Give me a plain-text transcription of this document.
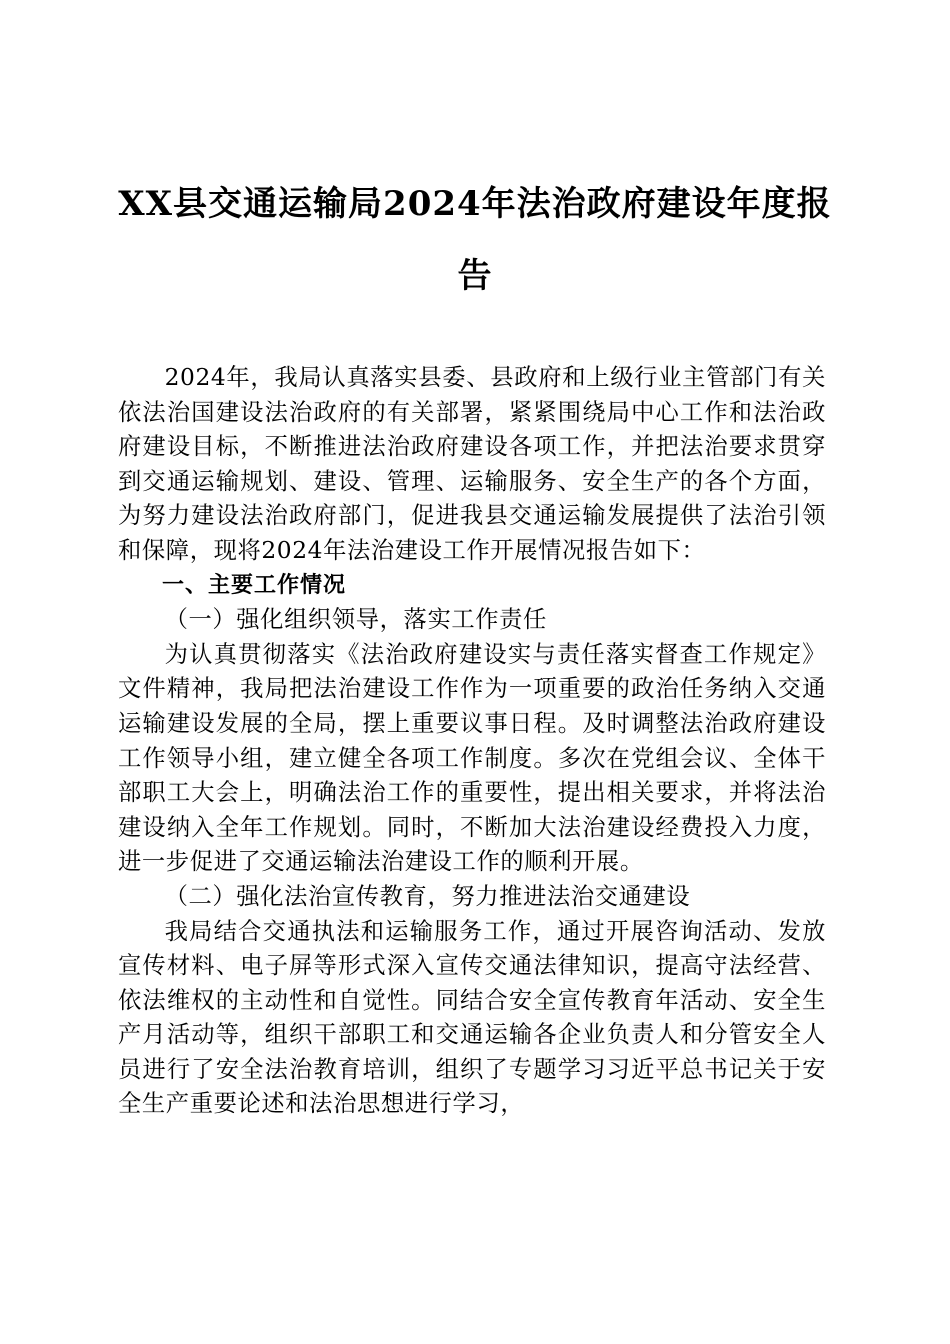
XX县交通运输局2024年法治政府建设年度报告

2024年，我局认真落实县委、县政府和上级行业主管部门有关依法治国建设法治政府的有关部署，紧紧围绕局中心工作和法治政府建设目标，不断推进法治政府建设各项工作，并把法治要求贯穿到交通运输规划、建设、管理、运输服务、安全生产的各个方面，为努力建设法治政府部门，促进我县交通运输发展提供了法治引领和保障，现将2024年法治建设工作开展情况报告如下：

一、主要工作情况

（一）强化组织领导，落实工作责任

为认真贯彻落实《法治政府建设实与责任落实督查工作规定》文件精神，我局把法治建设工作作为一项重要的政治任务纳入交通运输建设发展的全局，摆上重要议事日程。及时调整法治政府建设工作领导小组，建立健全各项工作制度。多次在党组会议、全体干部职工大会上，明确法治工作的重要性，提出相关要求，并将法治建设纳入全年工作规划。同时，不断加大法治建设经费投入力度，进一步促进了交通运输法治建设工作的顺利开展。

（二）强化法治宣传教育，努力推进法治交通建设

我局结合交通执法和运输服务工作，通过开展咨询活动、发放宣传材料、电子屏等形式深入宣传交通法律知识，提高守法经营、依法维权的主动性和自觉性。同结合安全宣传教育年活动、安全生产月活动等，组织干部职工和交通运输各企业负责人和分管安全人员进行了安全法治教育培训，组织了专题学习习近平总书记关于安全生产重要论述和法治思想进行学习，
